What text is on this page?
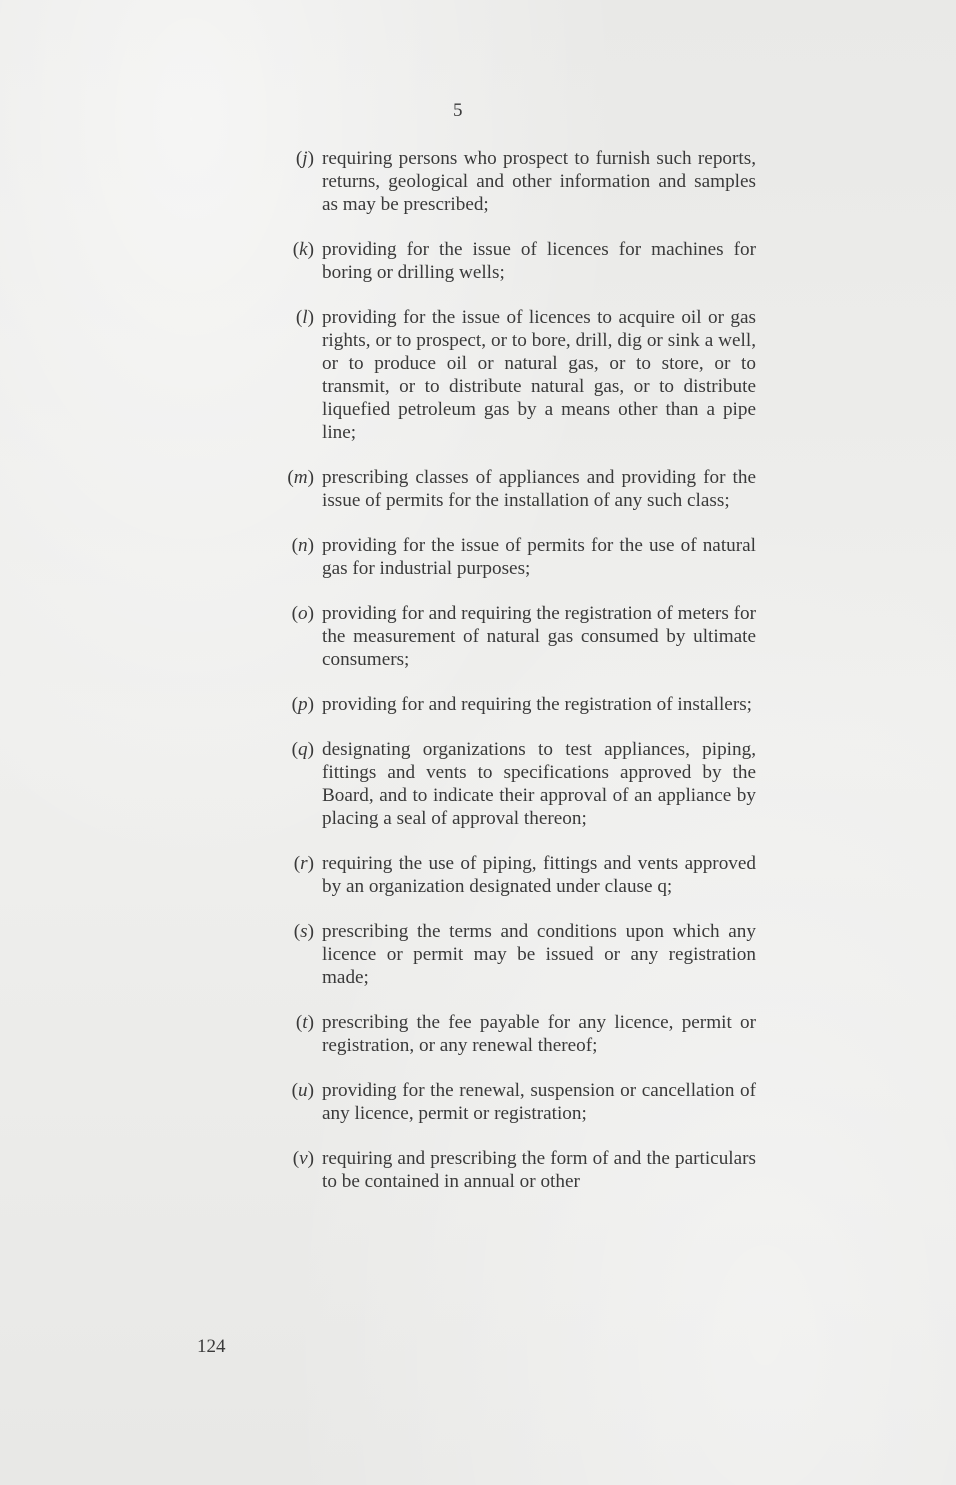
5
(j) requiring persons who prospect to furnish such reports, returns, geological and other information and samples as may be prescribed;
(k) providing for the issue of licences for machines for boring or drilling wells;
(l) providing for the issue of licences to acquire oil or gas rights, or to prospect, or to bore, drill, dig or sink a well, or to produce oil or natural gas, or to store, or to transmit, or to distribute natural gas, or to distribute liquefied petroleum gas by a means other than a pipe line;
(m) prescribing classes of appliances and providing for the issue of permits for the installation of any such class;
(n) providing for the issue of permits for the use of natural gas for industrial purposes;
(o) providing for and requiring the registration of meters for the measurement of natural gas consumed by ultimate consumers;
(p) providing for and requiring the registration of installers;
(q) designating organizations to test appliances, piping, fittings and vents to specifications approved by the Board, and to indicate their approval of an appliance by placing a seal of approval thereon;
(r) requiring the use of piping, fittings and vents approved by an organization designated under clause q;
(s) prescribing the terms and conditions upon which any licence or permit may be issued or any registration made;
(t) prescribing the fee payable for any licence, permit or registration, or any renewal thereof;
(u) providing for the renewal, suspension or cancellation of any licence, permit or registration;
(v) requiring and prescribing the form of and the particulars to be contained in annual or other
124
